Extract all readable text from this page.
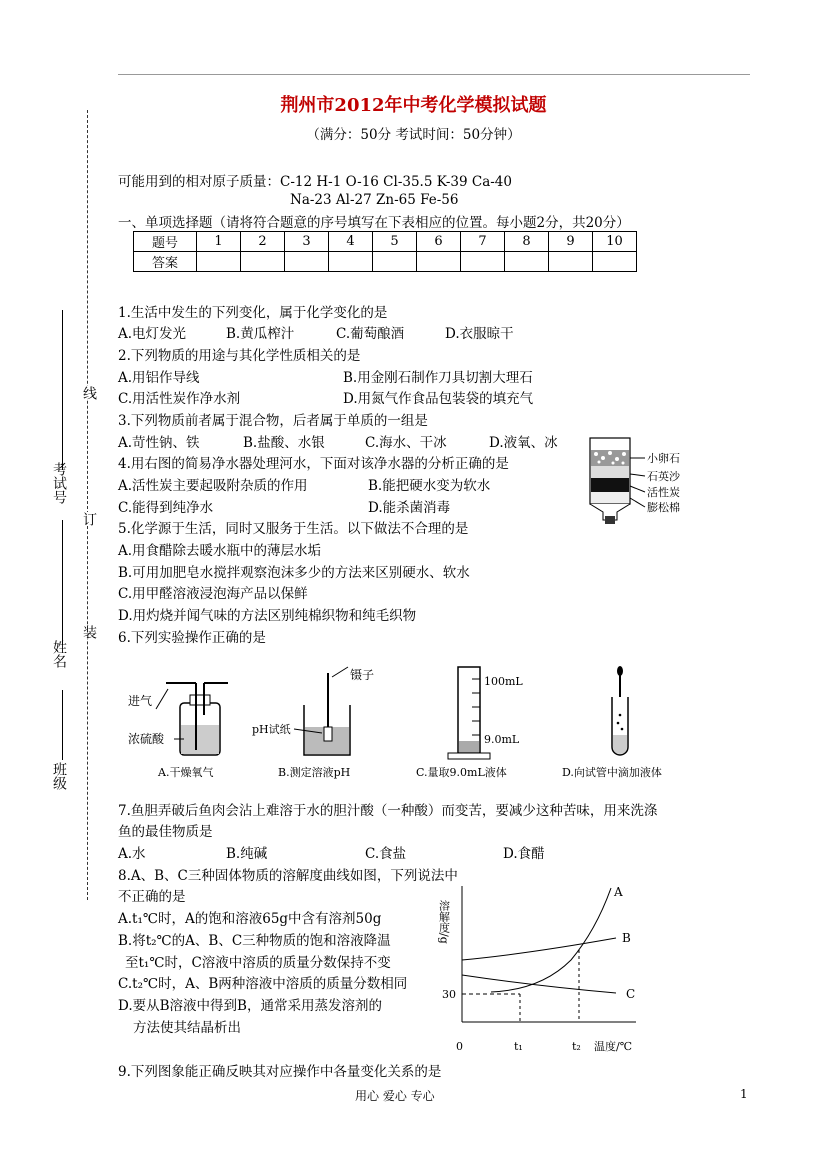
荆州市2012年中考化学模拟试题
（满分：50分 考试时间：50分钟）
可能用到的相对原子质量：C-12 H-1 O-16 Cl-35.5 K-39 Ca-40
Na-23 Al-27 Zn-65 Fe-56
一、单项选择题（请将符合题意的序号填写在下表相应的位置。每小题2分，共20分）
题号	1	2	3	4	5	6	7	8	9	10
答案										
考试号
姓名
班级
线
订
装
1.生活中发生的下列变化，属于化学变化的是
A.电灯发光	B.黄瓜榨汁	C.葡萄酿酒	D.衣服晾干
2.下列物质的用途与其化学性质相关的是
A.用铝作导线	B.用金刚石制作刀具切割大理石
C.用活性炭作净水剂	D.用氮气作食品包装袋的填充气
3.下列物质前者属于混合物，后者属于单质的一组是
A.苛性钠、铁	B.盐酸、水银	C.海水、干冰	D.液氧、冰
4.用右图的简易净水器处理河水，下面对该净水器的分析正确的是
A.活性炭主要起吸附杂质的作用	B.能把硬水变为软水
C.能得到纯净水	D.能杀菌消毒
小卵石
石英沙
活性炭
膨松棉
5.化学源于生活，同时又服务于生活。以下做法不合理的是
A.用食醋除去暖水瓶中的薄层水垢
B.可用加肥皂水搅拌观察泡沫多少的方法来区别硬水、软水
C.用甲醛溶液浸泡海产品以保鲜
D.用灼烧并闻气味的方法区别纯棉织物和纯毛织物
6.下列实验操作正确的是
进气
浓硫酸
A.干燥氧气
镊子
pH试纸
B.测定溶液pH
100mL
9.0mL
C.量取9.0mL液体	D.向试管中滴加液体
7.鱼胆弄破后鱼肉会沾上难溶于水的胆汁酸（一种酸）而变苦，要减少这种苦味，用来洗涤
鱼的最佳物质是
A.水	B.纯碱	C.食盐	D.食醋
8.A、B、C三种固体物质的溶解度曲线如图，下列说法中
不正确的是
A.t₁℃时，A的饱和溶液65g中含有溶剂50g
B.将t₂℃的A、B、C三种物质的饱和溶液降温
至t₁℃时，C溶液中溶质的质量分数保持不变
C.t₂℃时，A、B两种溶液中溶质的质量分数相同
D.要从B溶液中得到B，通常采用蒸发溶剂的
方法使其结晶析出
A
B
C
30
0	t₁	t₂ 温度/℃
溶解度/g
9.下列图象能正确反映其对应操作中各量变化关系的是
用心 爱心 专心	1
